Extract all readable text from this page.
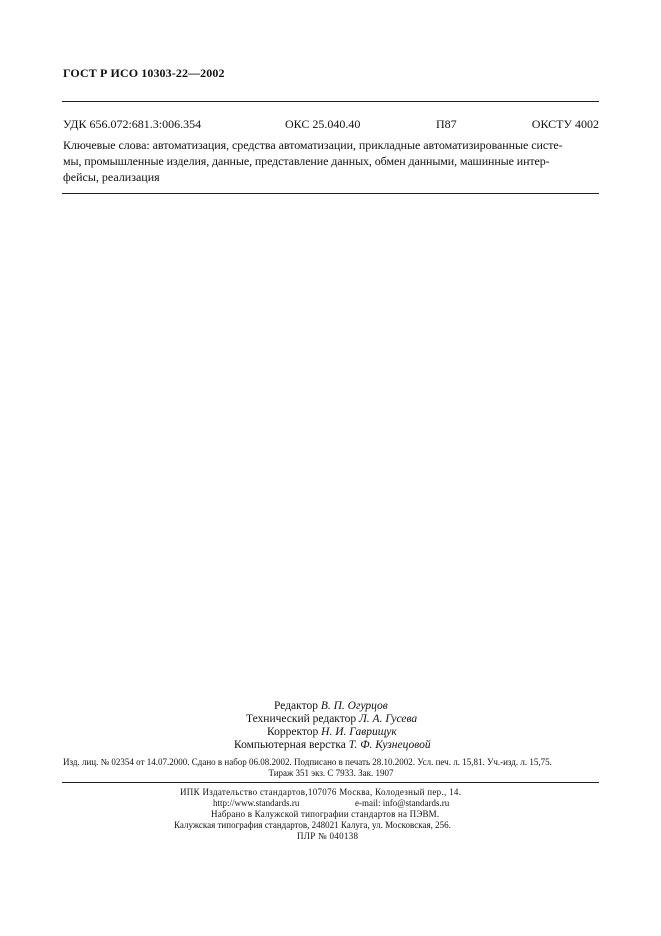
ГОСТ Р ИСО 10303-22—2002
УДК 656.072:681.3:006.354	ОКС 25.040.40	П87	ОКСТУ 4002
Ключевые слова: автоматизация, средства автоматизации, прикладные автоматизированные систе-
мы, промышленные изделия, данные, представление данных, обмен данными, машинные интер-
фейсы, реализация
Редактор В. П. Огурцов
Технический редактор Л. А. Гусева
Корректор Н. И. Гаврищук
Компьютерная верстка Т. Ф. Кузнецовой
Изд. лиц. № 02354 от 14.07.2000. Сдано в набор 06.08.2002. Подписано в печать 28.10.2002. Усл. печ. л. 15,81. Уч.-изд. л. 15,75.
Тираж 351 экз. С 7933. Зак. 1907
ИПК Издательство стандартов,107076 Москва, Колодезный пер., 14.
http://www.standards.ru	e-mail: info@standards.ru
Набрано в Калужской типографии стандартов на ПЭВМ.
Калужская типография стандартов, 248021 Калуга, ул. Московская, 256.
ПЛР № 040138
